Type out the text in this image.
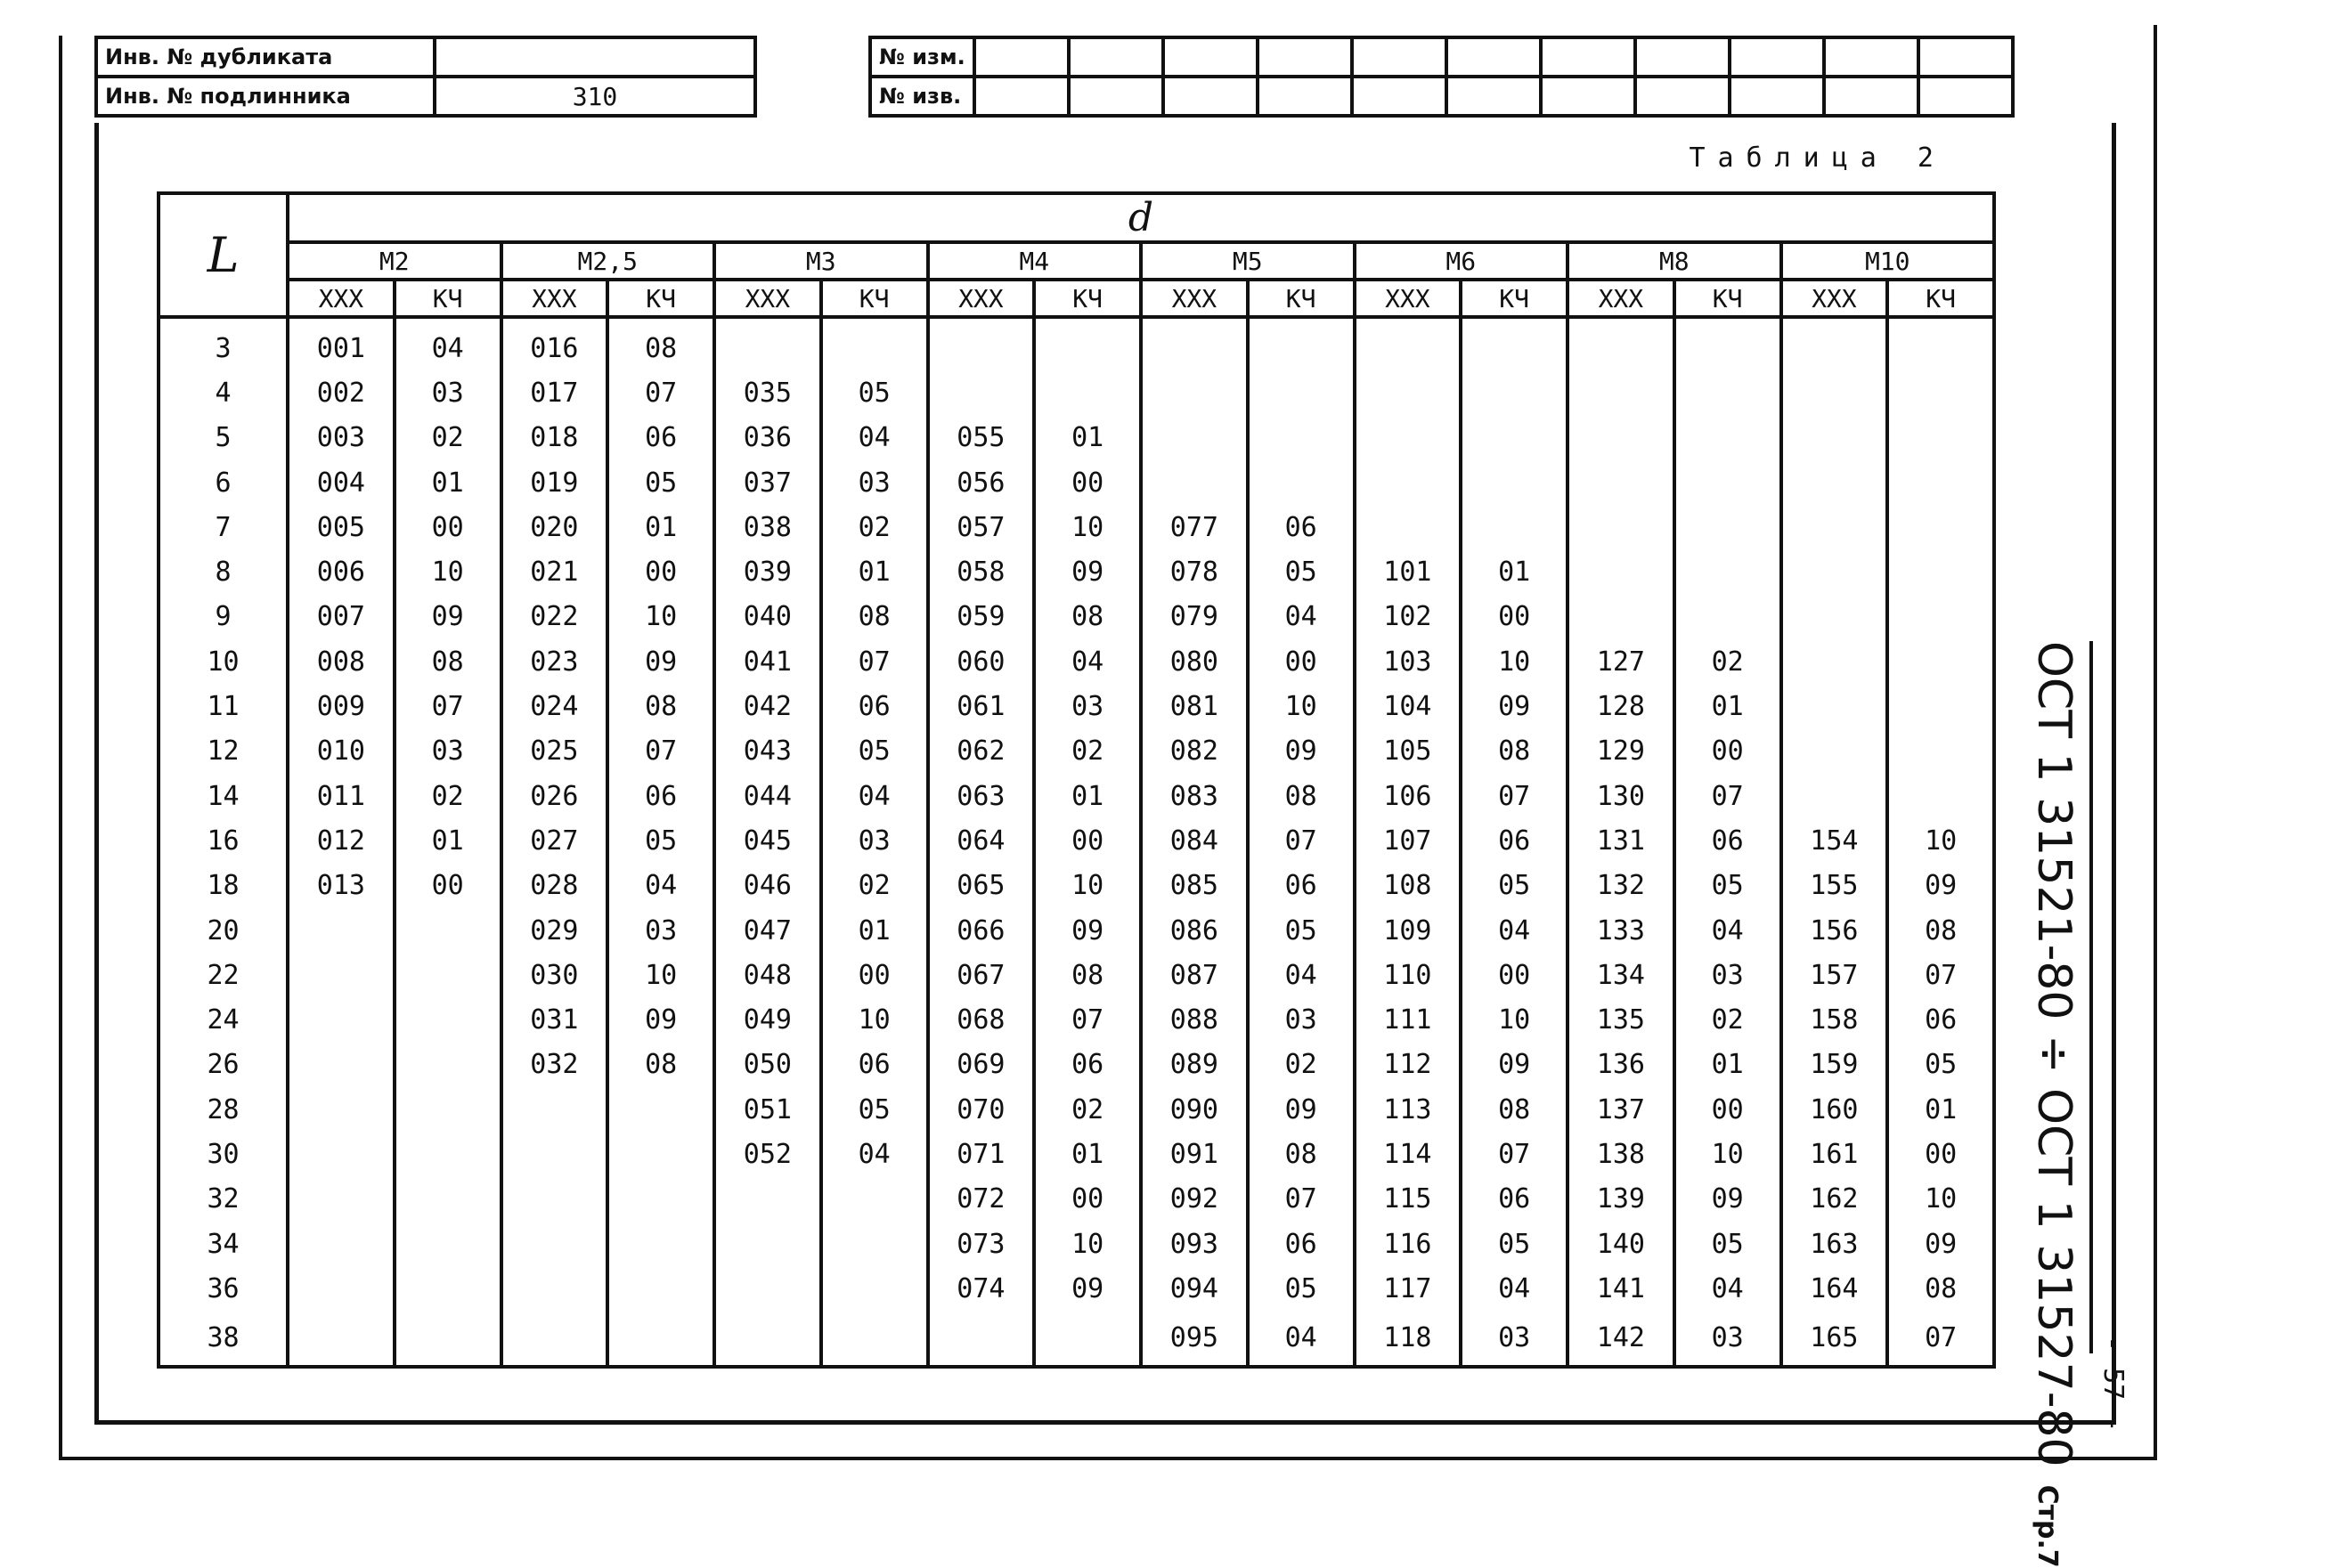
Инв. № дубликата	
Инв. № подлинника	310
№ изм.											
№ изв.											
Таблица 2
L	d															
	M2		M2,5		M3		M4		M5		M6		M8		M10	
	XXX	КЧ	XXX	КЧ	XXX	КЧ	XXX	КЧ	XXX	КЧ	XXX	КЧ	XXX	КЧ	XXX	КЧ
3	001	04	016	08												
4	002	03	017	07	035	05										
5	003	02	018	06	036	04	055	01								
6	004	01	019	05	037	03	056	00								
7	005	00	020	01	038	02	057	10	077	06						
8	006	10	021	00	039	01	058	09	078	05	101	01				
9	007	09	022	10	040	08	059	08	079	04	102	00				
10	008	08	023	09	041	07	060	04	080	00	103	10	127	02		
11	009	07	024	08	042	06	061	03	081	10	104	09	128	01		
12	010	03	025	07	043	05	062	02	082	09	105	08	129	00		
14	011	02	026	06	044	04	063	01	083	08	106	07	130	07		
16	012	01	027	05	045	03	064	00	084	07	107	06	131	06	154	10
18	013	00	028	04	046	02	065	10	085	06	108	05	132	05	155	09
20			029	03	047	01	066	09	086	05	109	04	133	04	156	08
22			030	10	048	00	067	08	087	04	110	00	134	03	157	07
24			031	09	049	10	068	07	088	03	111	10	135	02	158	06
26			032	08	050	06	069	06	089	02	112	09	136	01	159	05
28					051	05	070	02	090	09	113	08	137	00	160	01
30					052	04	071	01	091	08	114	07	138	10	161	00
32							072	00	092	07	115	06	139	09	162	10
34							073	10	093	06	116	05	140	05	163	09
36							074	09	094	05	117	04	141	04	164	08
38									095	04	118	03	142	03	165	07 ОСТ 1 31521-80 ÷ ОСТ 1 31527-80Стр.7
- 57 -
